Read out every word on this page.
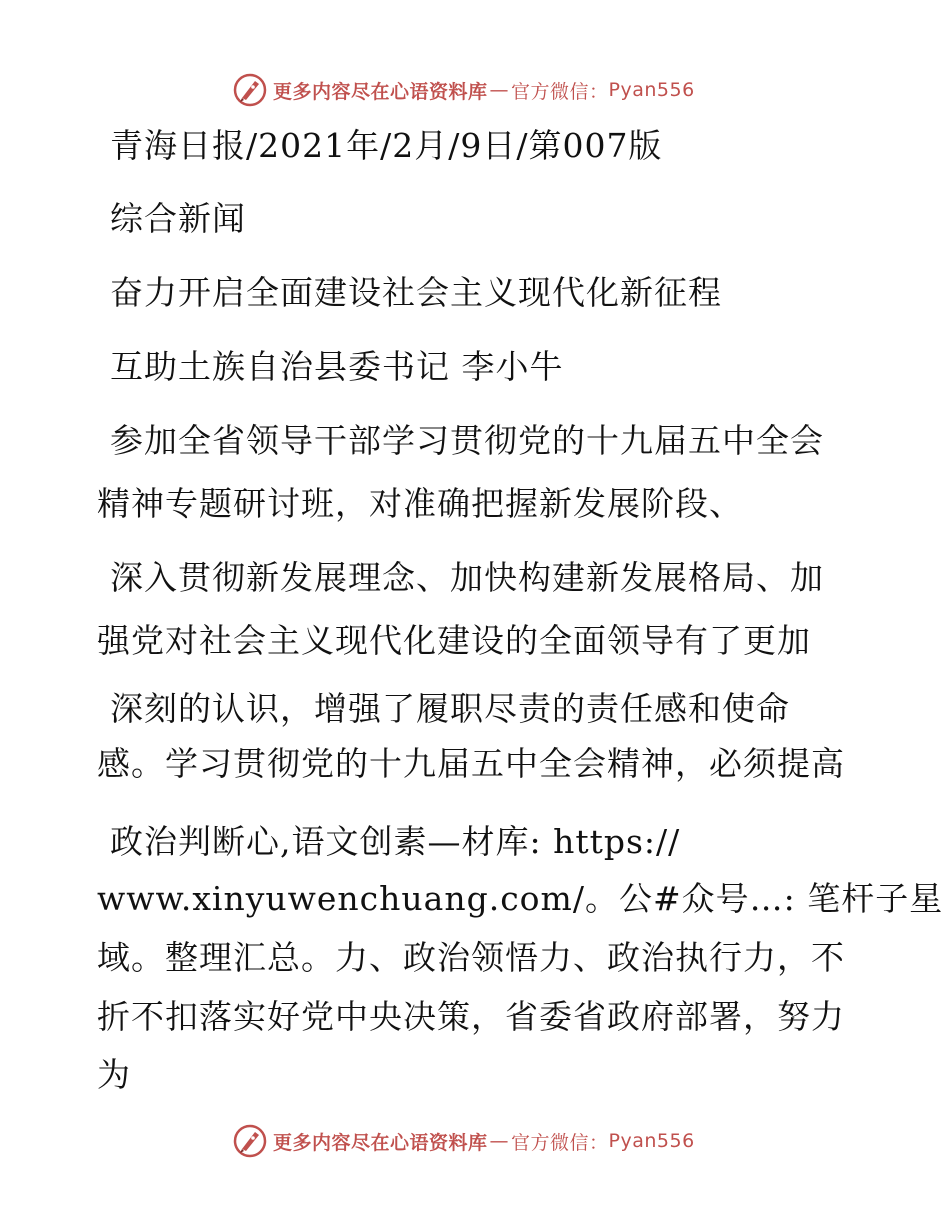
更多内容尽在心语资料库 — 官方微信： Pyan556
青海日报/2021年/2月/9日/第007版
综合新闻
奋力开启全面建设社会主义现代化新征程
互助土族自治县委书记 李小牛
参加全省领导干部学习贯彻党的十九届五中全会
精神专题研讨班，对准确把握新发展阶段、
深入贯彻新发展理念、加快构建新发展格局、加
强党对社会主义现代化建设的全面领导有了更加
深刻的认识，增强了履职尽责的责任感和使命
感。学习贯彻党的十九届五中全会精神，必须提高
政治判断心,语文创素—材库: https://
www.xinyuwenchuang.com/。公#众号…: 笔杆子星
域。整理汇总。力、政治领悟力、政治执行力，不
折不扣落实好党中央决策，省委省政府部署，努力
为
更多内容尽在心语资料库 — 官方微信： Pyan556
